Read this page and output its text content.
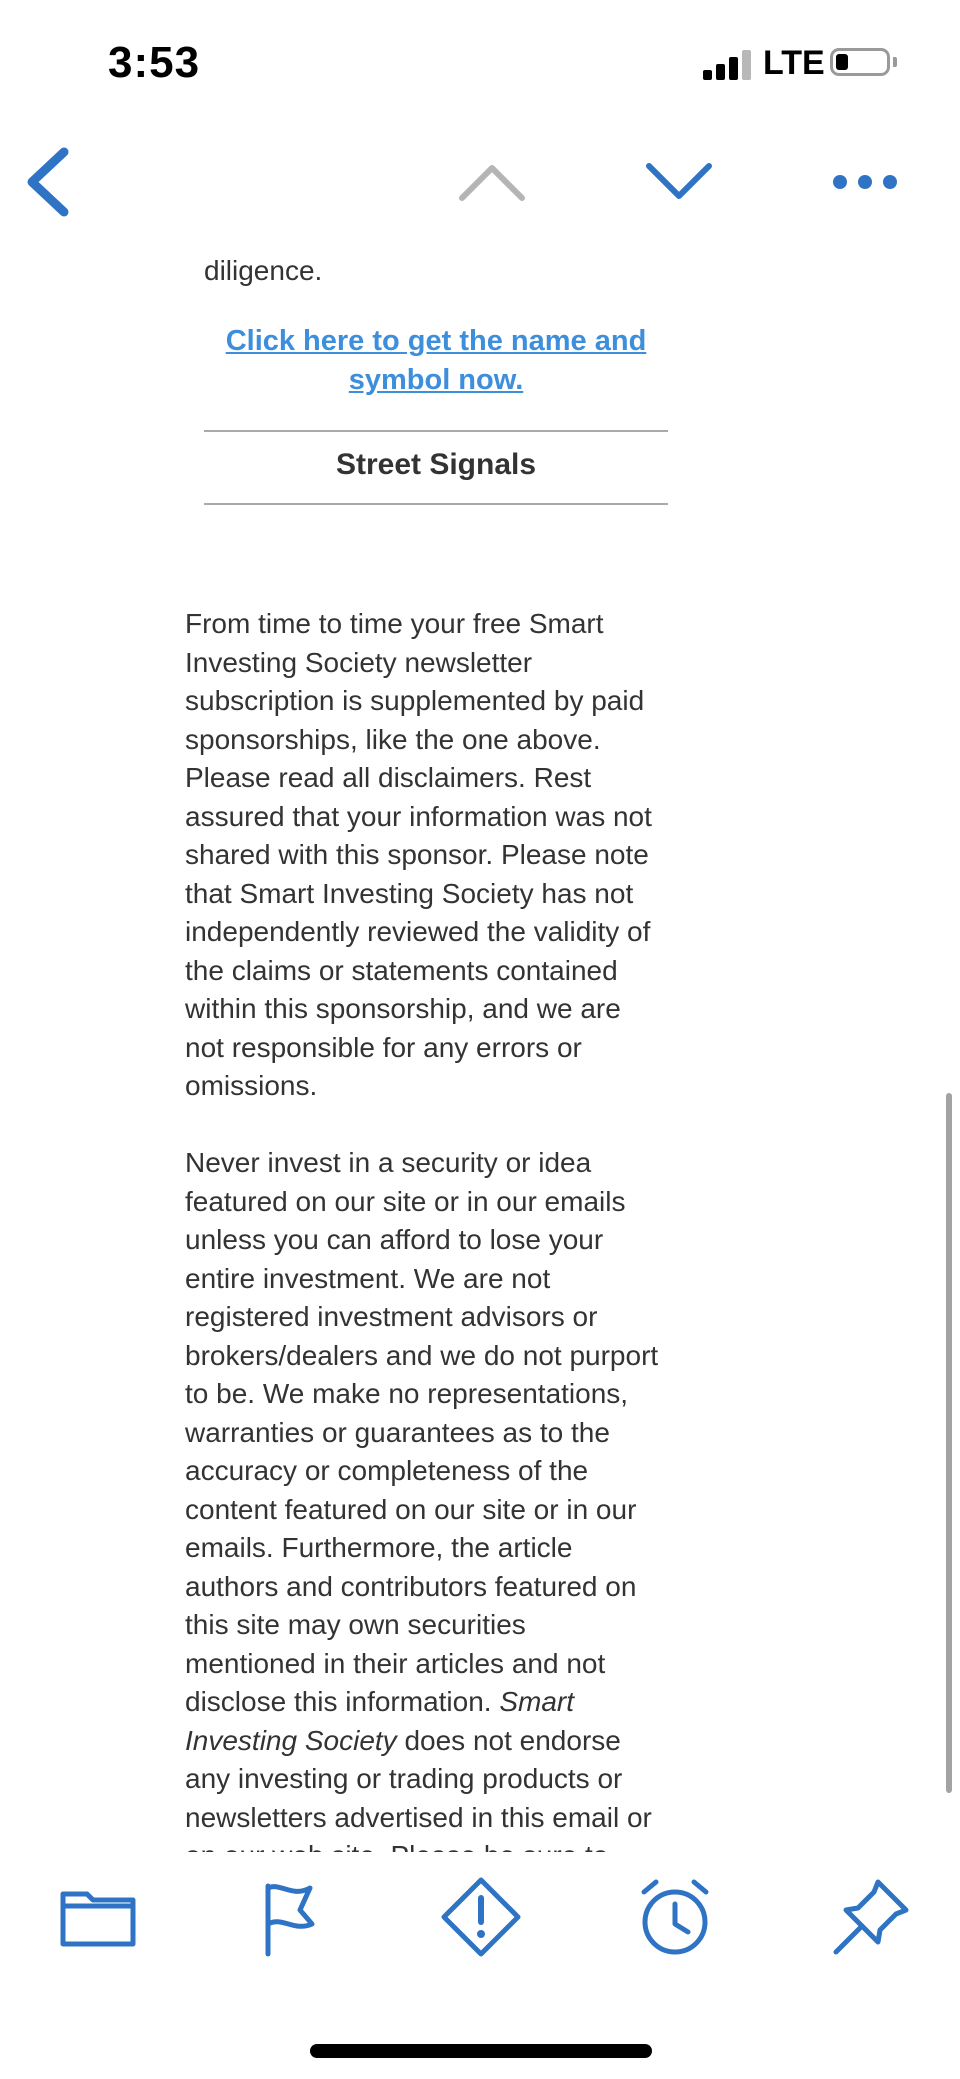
3:53	LTE
diligence.
Click here to get the name and
symbol now.
Street Signals

From time to time your free Smart
Investing Society newsletter
subscription is supplemented by paid
sponsorships, like the one above.
Please read all disclaimers. Rest
assured that your information was not
shared with this sponsor. Please note
that Smart Investing Society has not
independently reviewed the validity of
the claims or statements contained
within this sponsorship, and we are
not responsible for any errors or
omissions.

Never invest in a security or idea
featured on our site or in our emails
unless you can afford to lose your
entire investment. We are not
registered investment advisors or
brokers/dealers and we do not purport
to be. We make no representations,
warranties or guarantees as to the
accuracy or completeness of the
content featured on our site or in our
emails. Furthermore, the article
authors and contributors featured on
this site may own securities
mentioned in their articles and not
disclose this information. Smart
Investing Society does not endorse
any investing or trading products or
newsletters advertised in this email or
